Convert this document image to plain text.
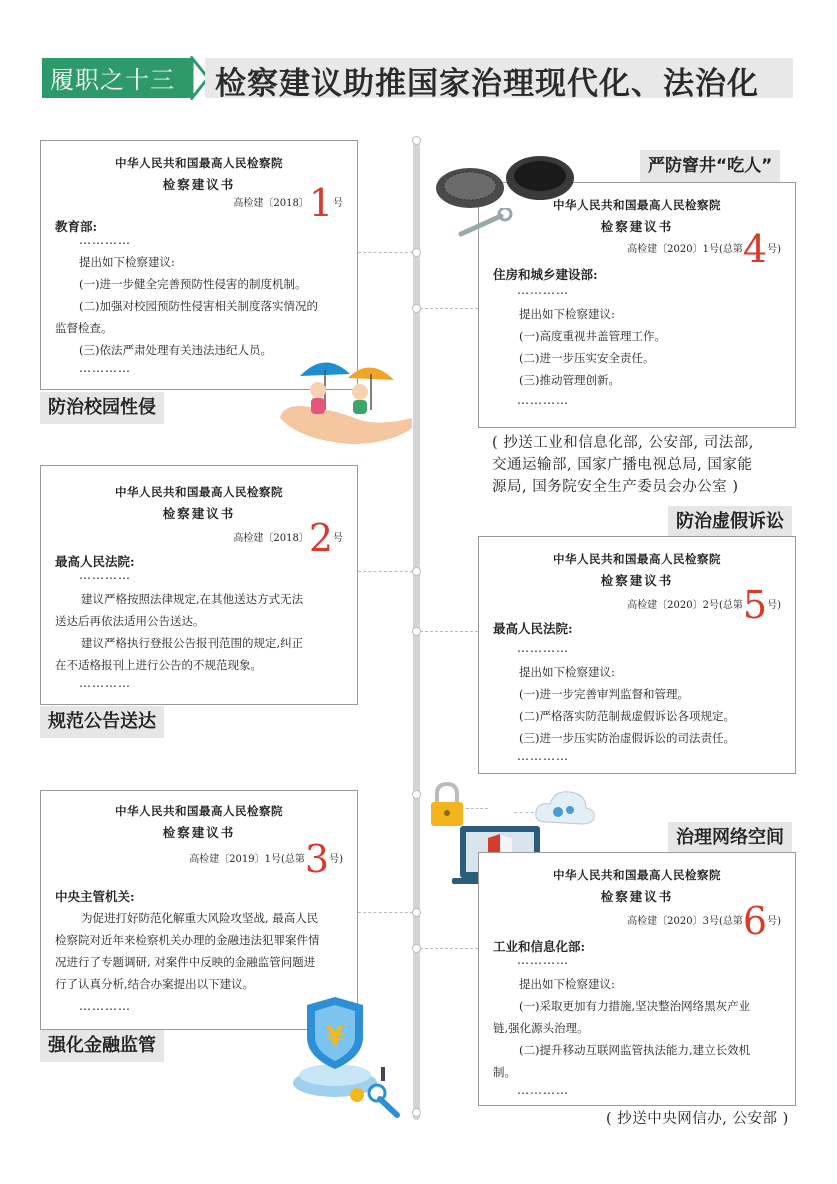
履职之十三 检察建议助推国家治理现代化、法治化
中华人民共和国最高人民检察院
检察建议书
高检建〔2018〕1号
教育部:
…………
提出如下检察建议:
(一)进一步健全完善预防性侵害的制度机制。
(二)加强对校园预防性侵害相关制度落实情况的
监督检查。
(三)依法严肃处理有关违法违纪人员。
…………
防治校园性侵
中华人民共和国最高人民检察院
检察建议书
高检建〔2018〕2号
最高人民法院:
…………
建议严格按照法律规定,在其他送达方式无法
送达后再依法适用公告送达。
建议严格执行登报公告报刊范围的规定,纠正
在不适格报刊上进行公告的不规范现象。
…………
规范公告送达
中华人民共和国最高人民检察院
检察建议书
高检建〔2019〕1号(总第3号)
中央主管机关:
为促进打好防范化解重大风险攻坚战, 最高人民
检察院对近年来检察机关办理的金融违法犯罪案件情
况进行了专题调研, 对案件中反映的金融监管问题进
行了认真分析,结合办案提出以下建议。
…………
强化金融监管	¥
严防窨井“吃人”
中华人民共和国最高人民检察院
检察建议书
高检建〔2020〕1号(总第4号)
住房和城乡建设部:
…………
提出如下检察建议:
(一)高度重视井盖管理工作。
(二)进一步压实安全责任。
(三)推动管理创新。
…………
( 抄送工业和信息化部, 公安部, 司法部,
交通运输部, 国家广播电视总局, 国家能
源局, 国务院安全生产委员会办公室 )
防治虚假诉讼
中华人民共和国最高人民检察院
检察建议书
高检建〔2020〕2号(总第5号)
最高人民法院:
…………
提出如下检察建议:
(一)进一步完善审判监督和管理。
(二)严格落实防范制裁虚假诉讼各项规定。
(三)进一步压实防治虚假诉讼的司法责任。
…………
治理网络空间
中华人民共和国最高人民检察院
检察建议书
高检建〔2020〕3号(总第6号)
工业和信息化部:
…………
提出如下检察建议:
(一)采取更加有力措施,坚决整治网络黑灰产业
链,强化源头治理。
(二)提升移动互联网监管执法能力,建立长效机
制。
…………
( 抄送中央网信办, 公安部 )
